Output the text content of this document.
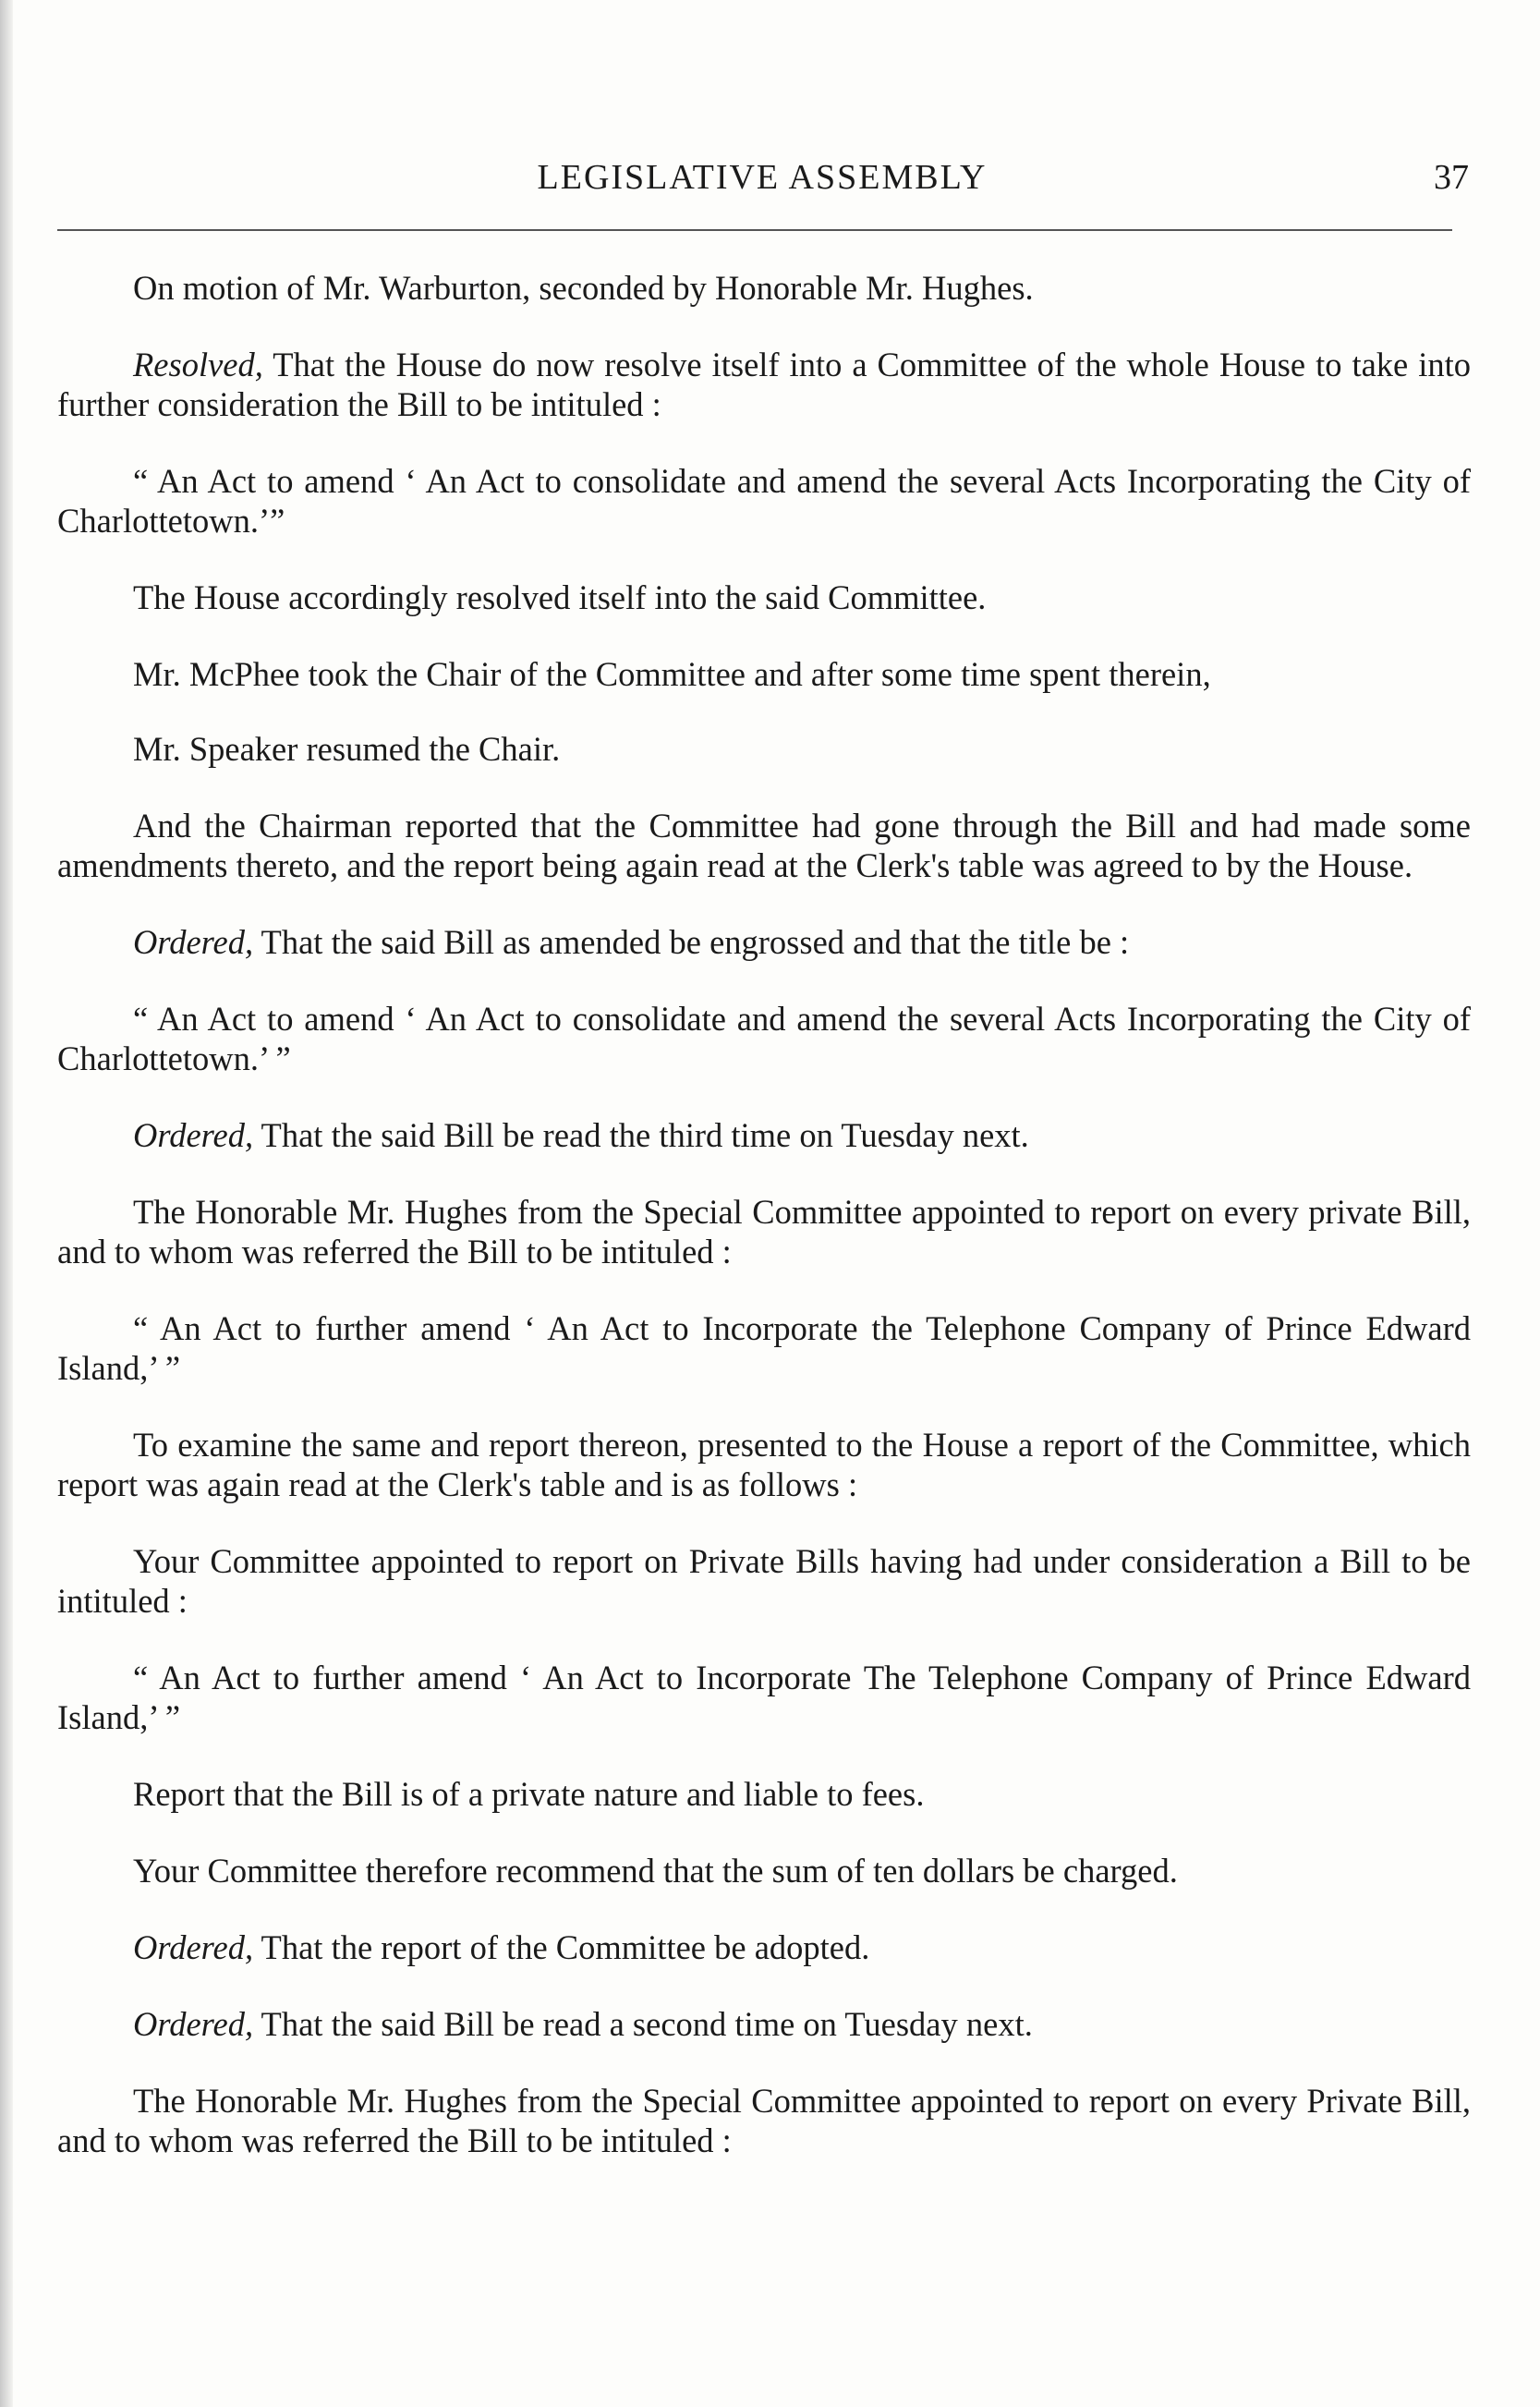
LEGISLATIVE ASSEMBLY	37

On motion of Mr. Warburton, seconded by Honorable Mr. Hughes.

Resolved, That the House do now resolve itself into a Committee of the whole House to take into further consideration the Bill to be intituled :

“ An Act to amend ‘ An Act to consolidate and amend the several Acts Incorporating the City of Charlottetown.’”

The House accordingly resolved itself into the said Committee.

Mr. McPhee took the Chair of the Committee and after some time spent therein,

Mr. Speaker resumed the Chair.

And the Chairman reported that the Committee had gone through the Bill and had made some amendments thereto, and the report being again read at the Clerk's table was agreed to by the House.

Ordered, That the said Bill as amended be engrossed and that the title be :

“ An Act to amend ‘ An Act to consolidate and amend the several Acts Incorporating the City of Charlottetown.’ ”

Ordered, That the said Bill be read the third time on Tuesday next.

The Honorable Mr. Hughes from the Special Committee appointed to report on every private Bill, and to whom was referred the Bill to be intituled :

“ An Act to further amend ‘ An Act to Incorporate the Telephone Company of Prince Edward Island,’ ”

To examine the same and report thereon, presented to the House a report of the Committee, which report was again read at the Clerk's table and is as follows :

Your Committee appointed to report on Private Bills having had under consideration a Bill to be intituled :

“ An Act to further amend ‘ An Act to Incorporate The Telephone Company of Prince Edward Island,’ ”

Report that the Bill is of a private nature and liable to fees.

Your Committee therefore recommend that the sum of ten dollars be charged.

Ordered, That the report of the Committee be adopted.

Ordered, That the said Bill be read a second time on Tuesday next.

The Honorable Mr. Hughes from the Special Committee appointed to report on every Private Bill, and to whom was referred the Bill to be intituled :
